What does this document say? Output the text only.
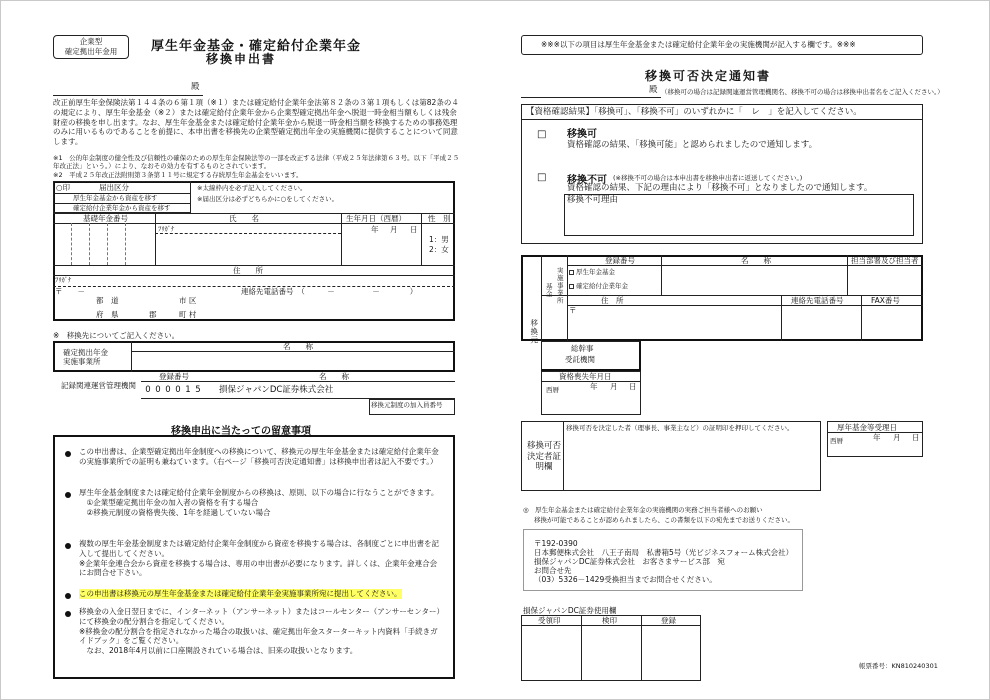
企業型
確定拠出年金用	厚生年金基金・確定給付企業年金
移換申出書
殿
改正前厚生年金保険法第１４４条の６第１項（※１）または確定給付企業年金法第８２条の３第１項もしくは第82条の４の規定により、厚生年金基金（※２）または確定給付企業年金から企業型確定拠出年金へ脱退一時金相当額もしくは残余財産の移換を申し出ます。なお、厚生年金基金または確定給付企業年金から脱退一時金相当額を移換するための事務処理のみに用いるものであることを前提に、本申出書を移換先の企業型確定拠出年金の実施機関に提供することについて同意します。
※1　公的年金制度の健全性及び信頼性の確保のための厚生年金保険法等の一部を改正する法律（平成２５年法律第６３号。以下「平成２５年改正法」という。）により、なおその効力を有するものとされています。
※2　平成２５年改正法附則第３条第１１号に規定する存続厚生年金基金をいいます。
○印	届出区分
厚生年金基金から資産を移す
確定給付企業年金から資産を移す
※太線枠内を必ず記入してください。
※届出区分は必ずどちらかに○をしてください。
基礎年金番号	氏　　名	生年月日（西暦）	性　別
ﾌﾘｶﾞﾅ	年 月 日
1：男
2：女
住　　所
ﾌﾘｶﾞﾅ
〒　　－
都　道	市 区
連絡先電話番号　（　　　－　　　　　－　　　　）
府　県	郡　　　町 村
※　移換先についてご記入ください。
確定拠出年金
実施事業所
名　　称
登録番号	名　　称
記録関連運営管理機関 0 0 0 0 1 5 損保ジャパンDC証券株式会社
移換元制度の加入員番号
移換申出に当たっての留意事項
この申出書は、企業型確定拠出年金制度への移換について、移換元の厚生年金基金または確定給付企業年金の実施事業所での証明も兼ねています。（右ページ「移換可否決定通知書」は移換申出者は記入不要です。）
厚生年金基金制度または確定給付企業年金制度からの移換は、原則、以下の場合に行なうことができます。
　①企業型確定拠出年金の加入者の資格を有する場合
　②移換元制度の資格喪失後、1年を経過していない場合
複数の厚生年金基金制度または確定給付企業年金制度から資産を移換する場合は、各制度ごとに申出書を記入して提出してください。
※企業年金連合会から資産を移換する場合は、専用の申出書が必要になります。詳しくは、企業年金連合会にお問合せ下さい。
この申出書は移換元の厚生年金基金または確定給付企業年金実施事業所宛に提出してください。
移換金の入金日翌日までに、インターネット（アンサーネット）またはコールセンター（アンサーセンター）にて移換金の配分割合を指定してください。
※移換金の配分割合を指定されなかった場合の取扱いは、確定拠出年金スターターキット内資料「手続きガイドブック」をご覧ください。
　なお、2018年4月以前に口座開設されている場合は、旧来の取扱いとなります。
※※※以下の項目は厚生年金基金または確定給付企業年金の実施機関が記入する欄です。※※※
移換可否決定通知書
殿 （移換可の場合は記録関連運営管理機関名、移換不可の場合は移換申出者名をご記入ください。）
【資格確認結果】「移換可」、「移換不可」のいずれかに「　レ　」を記入してください。
□ 移換可
資格確認の結果、「移換可能」と認められましたので通知します。
□ 移換不可 (※移換不可の場合は本申出書を移換申出者に返送してください。)
資格確認の結果、下記の理由により「移換不可」となりましたので通知します。
移換不可理由
移換元
基金 実施事業所
登録番号	名　　称	担当部署及び担当者
厚生年金基金
確定給付企業年金
住　所	連絡先電話番号	FAX番号
〒
総幹事
受託機関
資格喪失年月日
年 月 日
西暦
移換可否決定者証明欄
移換可否を決定した者（理事長、事業主など）の証明印を押印してください。	厚年基金等受理日
年 月 日
西暦
◎　厚生年金基金または確定給付企業年金の実施機関の実務ご担当者様へのお願い
移換が可能であることが認められましたら、この書類を以下の宛先までお送りください。
〒192-0390
日本郵便株式会社　八王子南局　私書箱5号（光ビジネスフォーム株式会社）
損保ジャパンDC証券株式会社　お客さまサービス部　宛
お問合せ先
（03）5326－1429受換担当までお問合せください。
損保ジャパンDC証券使用欄
受領印	検印	登録
帳票番号：KN810240301
